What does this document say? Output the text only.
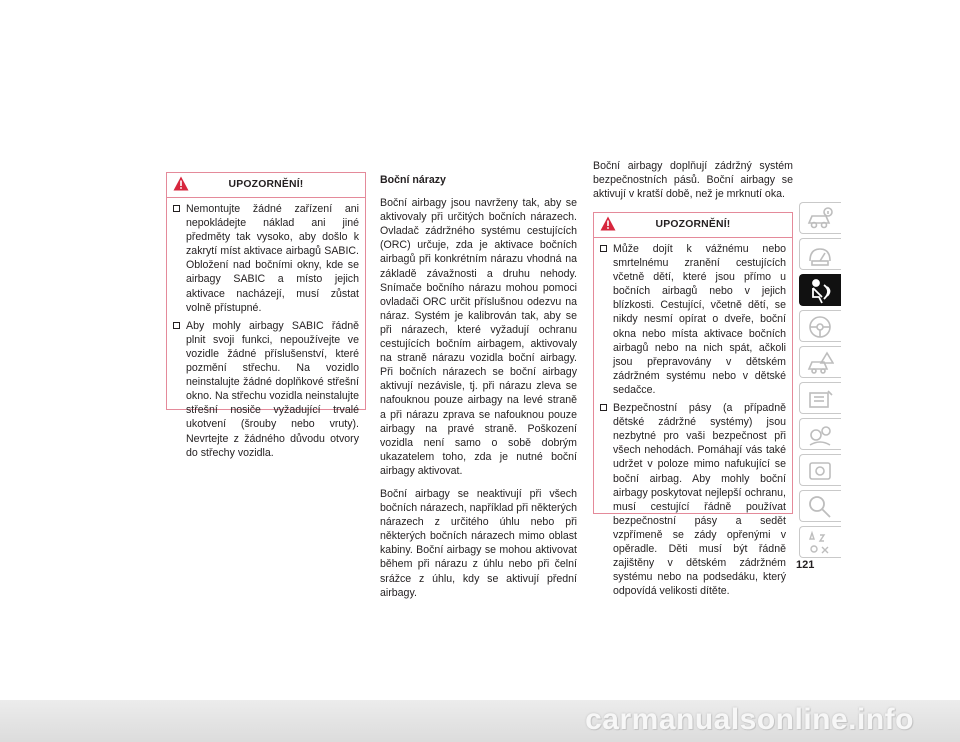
UPOZORNĚNÍ!
Nemontujte žádné zařízení ani nepokládejte náklad ani jiné předměty tak vysoko, aby došlo k zakrytí míst aktivace airbagů SABIC. Obložení nad bočními okny, kde se airbagy SABIC a místo jejich aktivace nacházejí, musí zůstat volně přístupné.
Aby mohly airbagy SABIC řádně plnit svoji funkci, nepoužívejte ve vozidle žádné příslušenství, které pozmění střechu. Na vozidlo neinstalujte žádné doplňkové střešní okno. Na střechu vozidla neinstalujte střešní nosiče vyžadující trvalé ukotvení (šrouby nebo vruty). Nevrtejte z žádného důvodu otvory do střechy vozidla.

Boční nárazy

Boční airbagy jsou navrženy tak, aby se aktivovaly při určitých bočních nárazech. Ovladač zádržného systému cestujících (ORC) určuje, zda je aktivace bočních airbagů při konkrétním nárazu vhodná na základě závažnosti a druhu nehody. Snímače bočního nárazu mohou pomoci ovladači ORC určit příslušnou odezvu na náraz. Systém je kalibrován tak, aby se při nárazech, které vyžadují ochranu cestujících bočním airbagem, aktivovaly na straně nárazu vozidla boční airbagy. Při bočních nárazech se boční airbagy aktivují nezávisle, tj. při nárazu zleva se nafouknou pouze airbagy na levé straně a při nárazu zprava se nafouknou pouze airbagy na pravé straně. Poškození vozidla není samo o sobě dobrým ukazatelem toho, zda je nutné boční airbagy aktivovat.

Boční airbagy se neaktivují při všech bočních nárazech, například při některých nárazech z určitého úhlu nebo při některých bočních nárazech mimo oblast kabiny. Boční airbagy se mohou aktivovat během při nárazu z úhlu nebo při čelní srážce z úhlu, kdy se aktivují přední airbagy.

Boční airbagy doplňují zádržný systém bezpečnostních pásů. Boční airbagy se aktivují v kratší době, než je mrknutí oka.

UPOZORNĚNÍ!
Může dojít k vážnému nebo smrtelnému zranění cestujících včetně dětí, které jsou přímo u bočních airbagů nebo v jejich blízkosti. Cestující, včetně dětí, se nikdy nesmí opírat o dveře, boční okna nebo místa aktivace bočních airbagů nebo na nich spát, ačkoli jsou přepravovány v dětském zádržném systému nebo v dětské sedačce.
Bezpečnostní pásy (a případně dětské zádržné systémy) jsou nezbytné pro vaši bezpečnost při všech nehodách. Pomáhají vás také udržet v poloze mimo nafukující se boční airbag. Aby mohly boční airbagy poskytovat nejlepší ochranu, musí cestující řádně používat bezpečnostní pásy a sedět vzpřímeně se zády opřenými v opěradle. Děti musí být řádně zajištěny v dětském zádržném systému nebo na podsedáku, který odpovídá velikosti dítěte.
121
carmanualsonline.info
